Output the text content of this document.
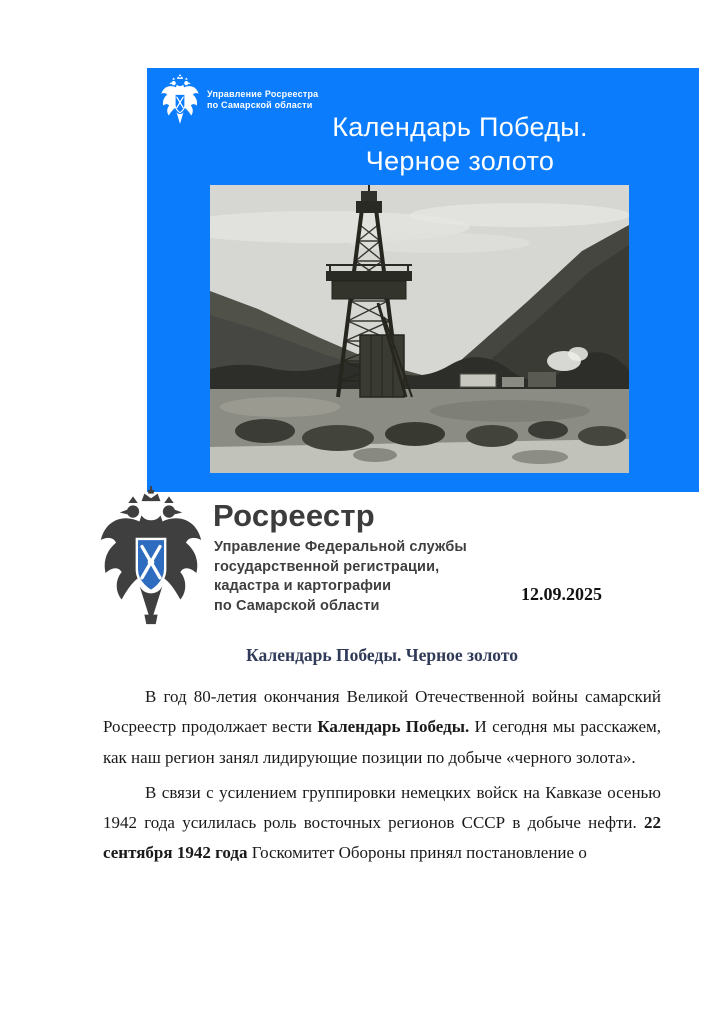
Управление Росреестра
по Самарской области
Календарь Победы.
Черное золото
Росреестр
Управление Федеральной службы
государственной регистрации,
кадастра и картографии
по Самарской области
12.09.2025
Календарь Победы. Черное золото

В год 80-летия окончания Великой Отечественной войны самарский Росреестр продолжает вести Календарь Победы. И сегодня мы расскажем, как наш регион занял лидирующие позиции по добыче «черного золота».

В связи с усилением группировки немецких войск на Кавказе осенью 1942 года усилилась роль восточных регионов СССР в добыче нефти. 22 сентября 1942 года Госкомитет Обороны принял постановление о
